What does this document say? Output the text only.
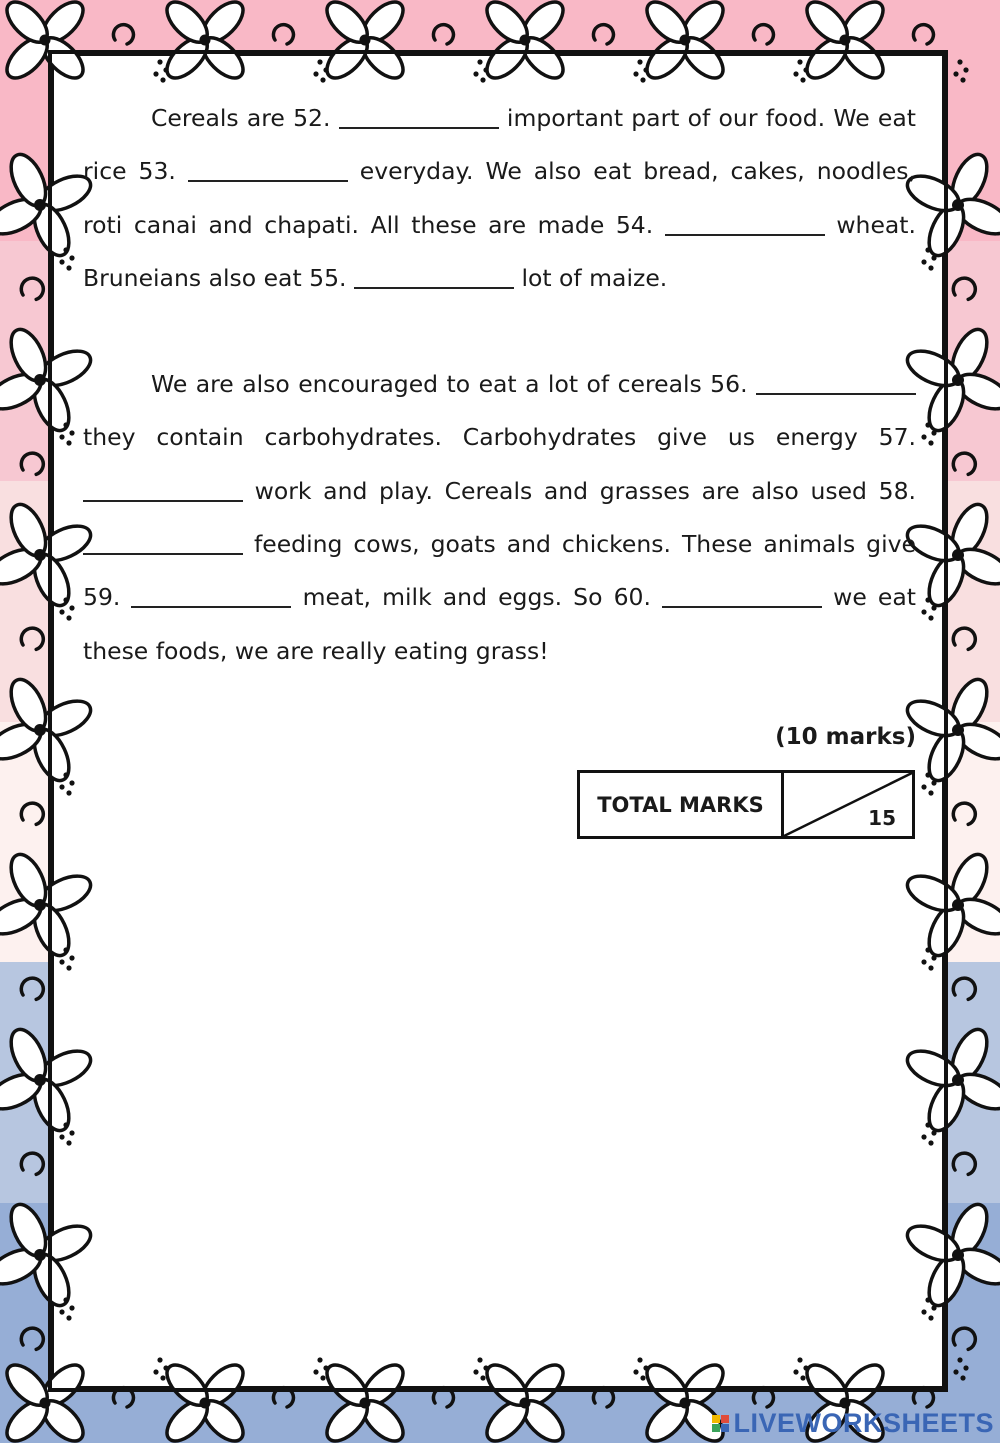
Cereals are 52.	important part of our food. We eat rice 53.	everyday. We also eat bread, cakes, noodles, roti canai and chapati. All these are made 54.	wheat. Bruneians also eat 55.	lot of maize.

We are also encouraged to eat a lot of cereals 56.  they contain carbohydrates. Carbohydrates give us energy 57.  work and play. Cereals and grasses are also used 58.  feeding cows, goats and chickens. These animals give 59.	meat, milk and eggs. So 60.	we eat these foods, we are really eating grass!

(10 marks)
TOTAL MARKS
15
LIVEWORKSHEETS
